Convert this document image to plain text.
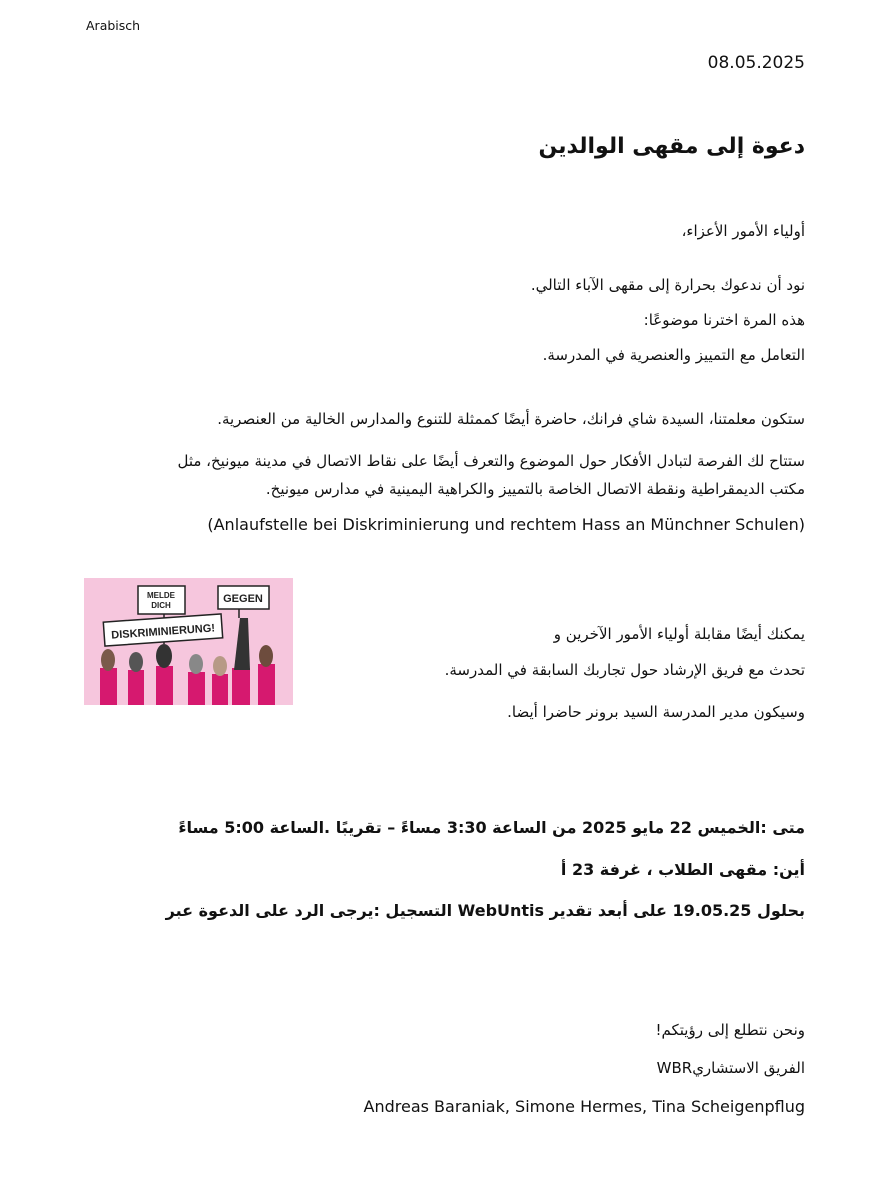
Arabisch
08.05.2025
دعوة إلى مقهى الوالدين
أولياء الأمور الأعزاء،
نود أن ندعوك بحرارة إلى مقهى الآباء التالي.
هذه المرة اخترنا موضوعًا:
التعامل مع التمييز والعنصرية في المدرسة.
ستكون معلمتنا، السيدة شاي فرانك، حاضرة أيضًا كممثلة للتنوع والمدارس الخالية من العنصرية.
ستتاح لك الفرصة لتبادل الأفكار حول الموضوع والتعرف أيضًا على نقاط الاتصال في مدينة ميونيخ، مثل
مكتب الديمقراطية ونقطة الاتصال الخاصة بالتمييز والكراهية اليمينية في مدارس ميونيخ.
(Anlaufstelle bei Diskriminierung und rechtem Hass an Münchner Schulen)
MELDE
DICH
GEGEN
DISKRIMINIERUNG!	يمكنك أيضًا مقابلة أولياء الأمور الآخرين و
تحدث مع فريق الإرشاد حول تجاربك السابقة في المدرسة.
وسيكون مدير المدرسة السيد برونر حاضرا أيضا.
متى :الخميس 22 مايو 2025 من الساعة 3:30 مساءً – تقريبًا .الساعة 5:00 مساءً
أين: مقهى الطلاب ، غرفة 23 أ
بحلول 19.05.25 على أبعد تقدير WebUntis التسجيل :يرجى الرد على الدعوة عبر
ونحن نتطلع إلى رؤيتكم!
WBRالفريق الاستشاري
Andreas Baraniak, Simone Hermes, Tina Scheigenpflug
